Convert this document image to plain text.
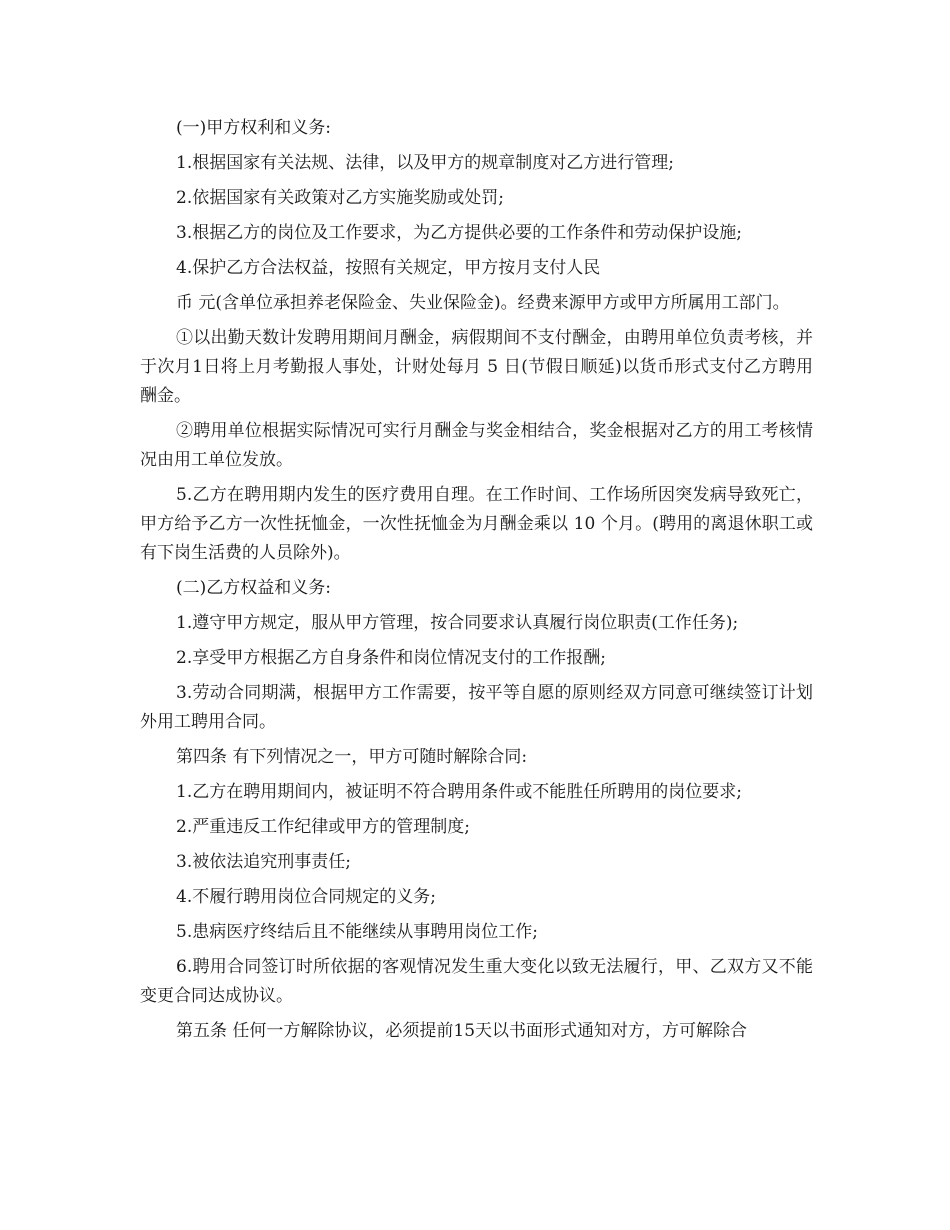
(一)甲方权利和义务:

1.根据国家有关法规、法律，以及甲方的规章制度对乙方进行管理;

2.依据国家有关政策对乙方实施奖励或处罚;

3.根据乙方的岗位及工作要求，为乙方提供必要的工作条件和劳动保护设施;

4.保护乙方合法权益，按照有关规定，甲方按月支付人民

币 元(含单位承担养老保险金、失业保险金)。经费来源甲方或甲方所属用工部门。

①以出勤天数计发聘用期间月酬金，病假期间不支付酬金，由聘用单位负责考核，并于次月1日将上月考勤报人事处，计财处每月 5 日(节假日顺延)以货币形式支付乙方聘用酬金。

②聘用单位根据实际情况可实行月酬金与奖金相结合，奖金根据对乙方的用工考核情况由用工单位发放。

5.乙方在聘用期内发生的医疗费用自理。在工作时间、工作场所因突发病导致死亡，甲方给予乙方一次性抚恤金，一次性抚恤金为月酬金乘以 10 个月。(聘用的离退休职工或有下岗生活费的人员除外)。

(二)乙方权益和义务:

1.遵守甲方规定，服从甲方管理，按合同要求认真履行岗位职责(工作任务);

2.享受甲方根据乙方自身条件和岗位情况支付的工作报酬;

3.劳动合同期满，根据甲方工作需要，按平等自愿的原则经双方同意可继续签订计划外用工聘用合同。

第四条 有下列情况之一，甲方可随时解除合同:

1.乙方在聘用期间内，被证明不符合聘用条件或不能胜任所聘用的岗位要求;

2.严重违反工作纪律或甲方的管理制度;

3.被依法追究刑事责任;

4.不履行聘用岗位合同规定的义务;

5.患病医疗终结后且不能继续从事聘用岗位工作;

6.聘用合同签订时所依据的客观情况发生重大变化以致无法履行，甲、乙双方又不能变更合同达成协议。

第五条 任何一方解除协议，必须提前15天以书面形式通知对方，方可解除合
